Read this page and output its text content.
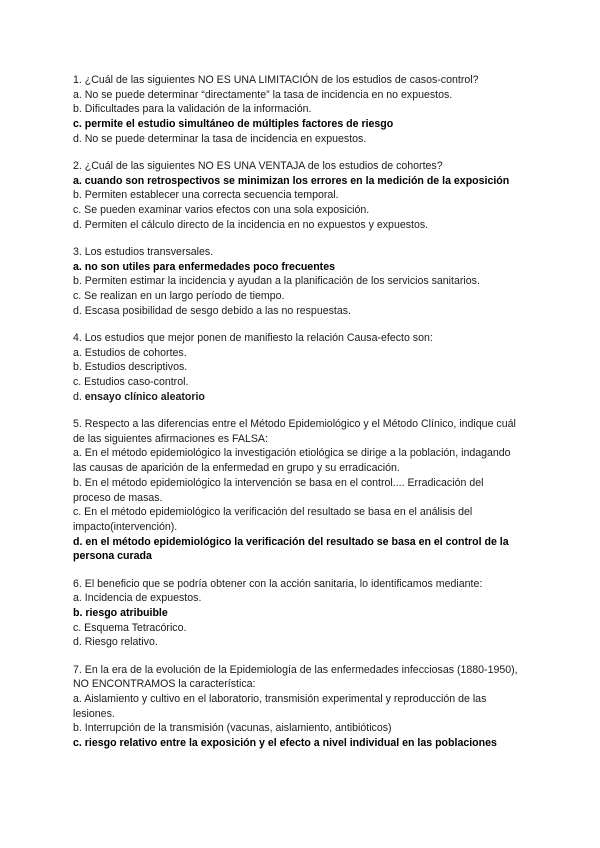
1. ¿Cuál de las siguientes NO ES UNA LIMITACIÓN de los estudios de casos-control?
a. No se puede determinar “directamente” la tasa de incidencia en no expuestos.
b. Dificultades para la validación de la información.
c. permite el estudio simultáneo de múltiples factores de riesgo
d. No se puede determinar la tasa de incidencia en expuestos.
2. ¿Cuál de las siguientes NO ES UNA VENTAJA de los estudios de cohortes?
a. cuando son retrospectivos se minimizan los errores en la medición de la exposición
b. Permiten establecer una correcta secuencia temporal.
c. Se pueden examinar varios efectos con una sola exposición.
d. Permiten el cálculo directo de la incidencia en no expuestos y expuestos.
3. Los estudios transversales.
a. no son utiles para enfermedades poco frecuentes
b. Permiten estimar la incidencia y ayudan a la planificación de los servicios sanitarios.
c. Se realizan en un largo período de tiempo.
d. Escasa posibilidad de sesgo debido a las no respuestas.
4. Los estudios que mejor ponen de manifiesto la relación Causa-efecto son:
a. Estudios de cohortes.
b. Estudios descriptivos.
c. Estudios caso-control.
d. ensayo clínico aleatorio
5. Respecto a las diferencias entre el Método Epidemiológico y el Método Clínico, indique cuál de las siguientes afirmaciones es FALSA:
a. En el método epidemiológico la investigación etiológica se dirige a la población, indagando las causas de aparición de la enfermedad en grupo y su erradicación.
b. En el método epidemiológico la intervención se basa en el control.... Erradicación del proceso de masas.
c. En el método epidemiológico la verificación del resultado se basa en el análisis del impacto(intervención).
d. en el método epidemiológico la verificación del resultado se basa en el control de la persona curada
6. El beneficio que se podría obtener con la acción sanitaria, lo identificamos mediante:
a. Incidencia de expuestos.
b. riesgo atribuible
c. Esquema Tetracórico.
d. Riesgo relativo.
7. En la era de la evolución de la Epidemiología de las enfermedades infecciosas (1880-1950), NO ENCONTRAMOS la característica:
a. Aislamiento y cultivo en el laboratorio, transmisión experimental y reproducción de las lesiones.
b. Interrupción de la transmisión (vacunas, aislamiento, antibióticos)
c. riesgo relativo entre la exposición y el efecto a nivel individual en las poblaciones
